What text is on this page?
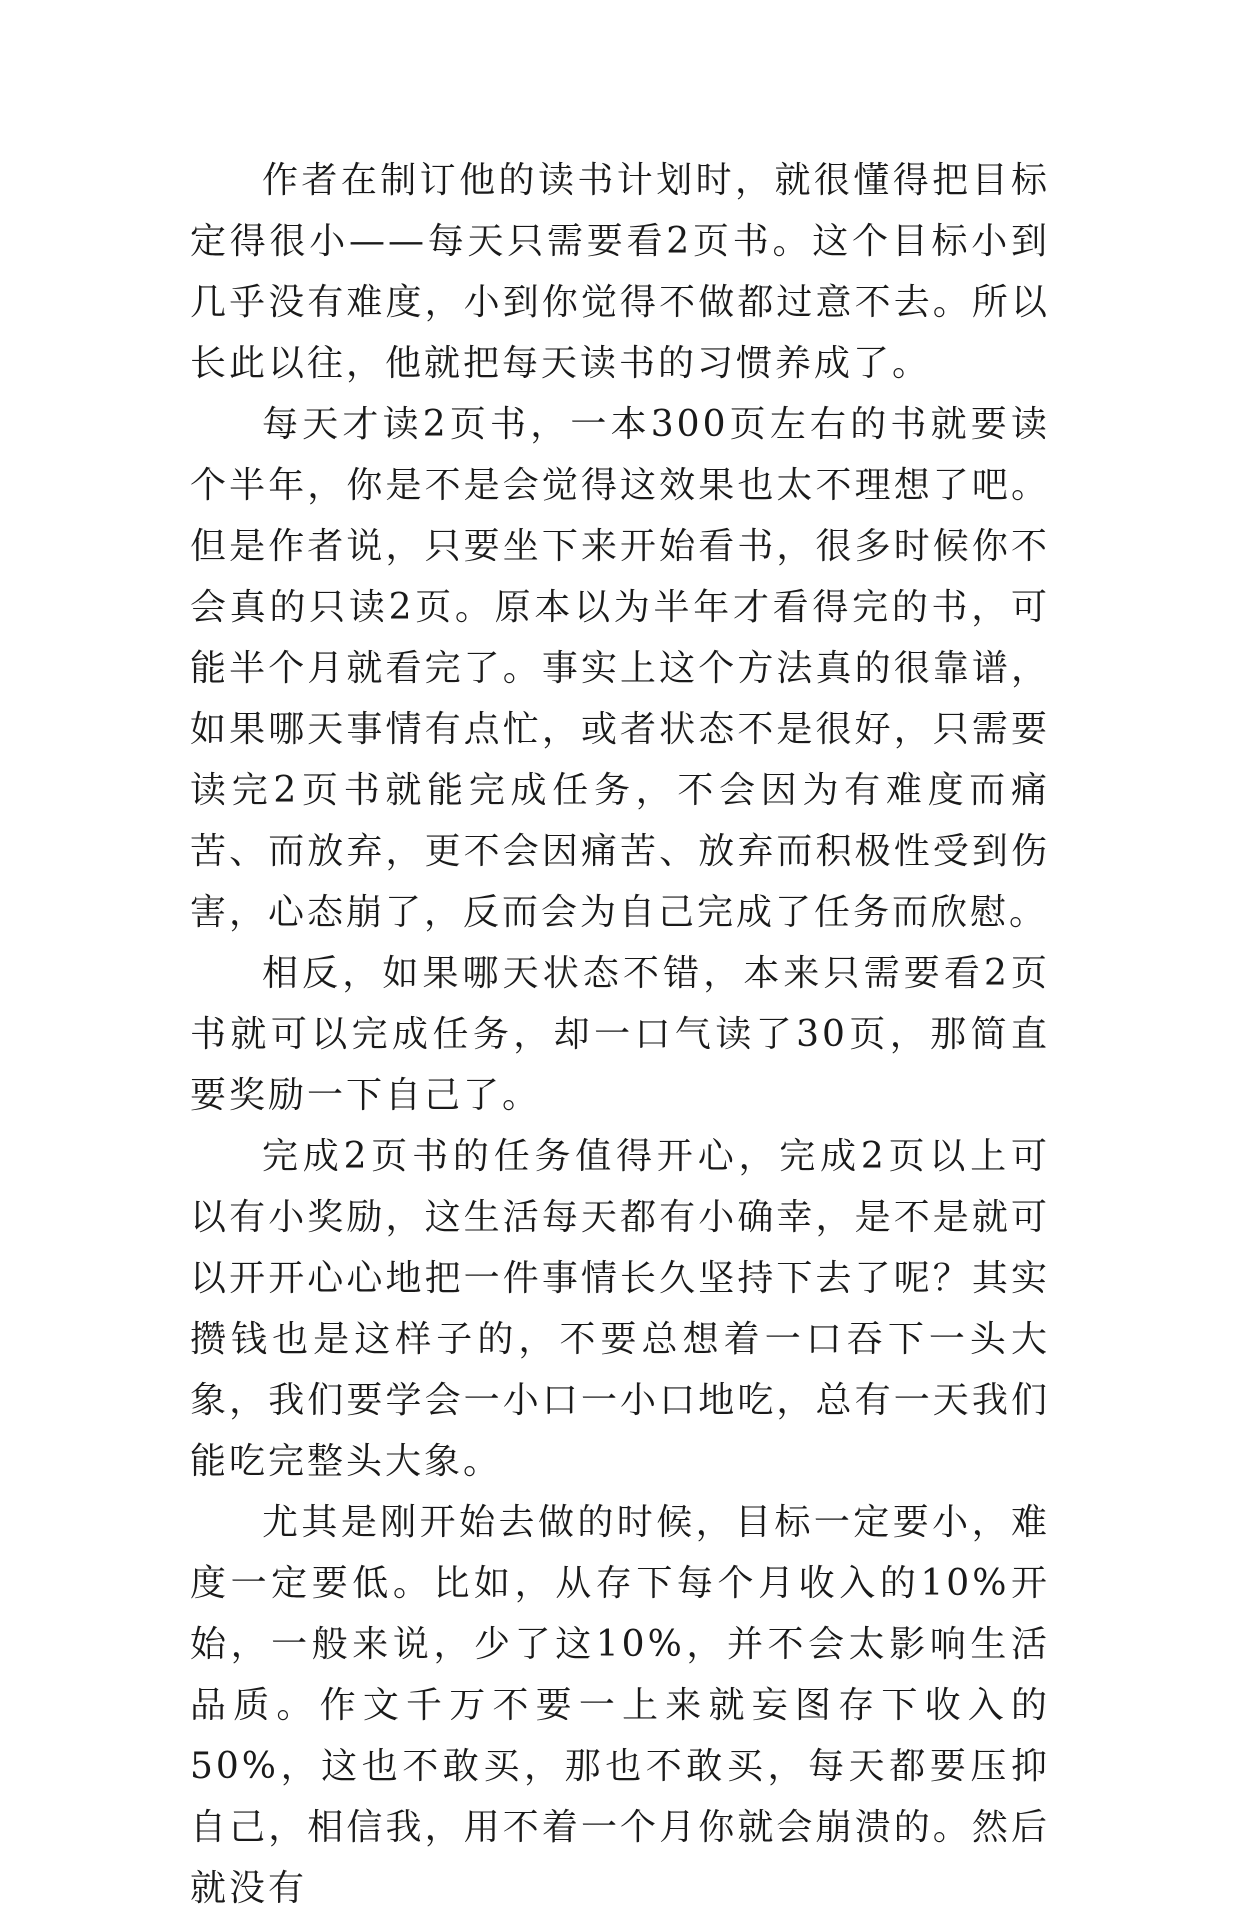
作者在制订他的读书计划时，就很懂得把目标定得很小——每天只需要看2页书。这个目标小到几乎没有难度，小到你觉得不做都过意不去。所以长此以往，他就把每天读书的习惯养成了。

每天才读2页书，一本300页左右的书就要读个半年，你是不是会觉得这效果也太不理想了吧。但是作者说，只要坐下来开始看书，很多时候你不会真的只读2页。原本以为半年才看得完的书，可能半个月就看完了。事实上这个方法真的很靠谱，如果哪天事情有点忙，或者状态不是很好，只需要读完2页书就能完成任务，不会因为有难度而痛苦、而放弃，更不会因痛苦、放弃而积极性受到伤害，心态崩了，反而会为自己完成了任务而欣慰。

相反，如果哪天状态不错，本来只需要看2页书就可以完成任务，却一口气读了30页，那简直要奖励一下自己了。

完成2页书的任务值得开心，完成2页以上可以有小奖励，这生活每天都有小确幸，是不是就可以开开心心地把一件事情长久坚持下去了呢？其实攒钱也是这样子的，不要总想着一口吞下一头大象，我们要学会一小口一小口地吃，总有一天我们能吃完整头大象。

尤其是刚开始去做的时候，目标一定要小，难度一定要低。比如，从存下每个月收入的10%开始，一般来说，少了这10%，并不会太影响生活品质。作文千万不要一上来就妄图存下收入的50%，这也不敢买，那也不敢买，每天都要压抑自己，相信我，用不着一个月你就会崩溃的。然后就没有
